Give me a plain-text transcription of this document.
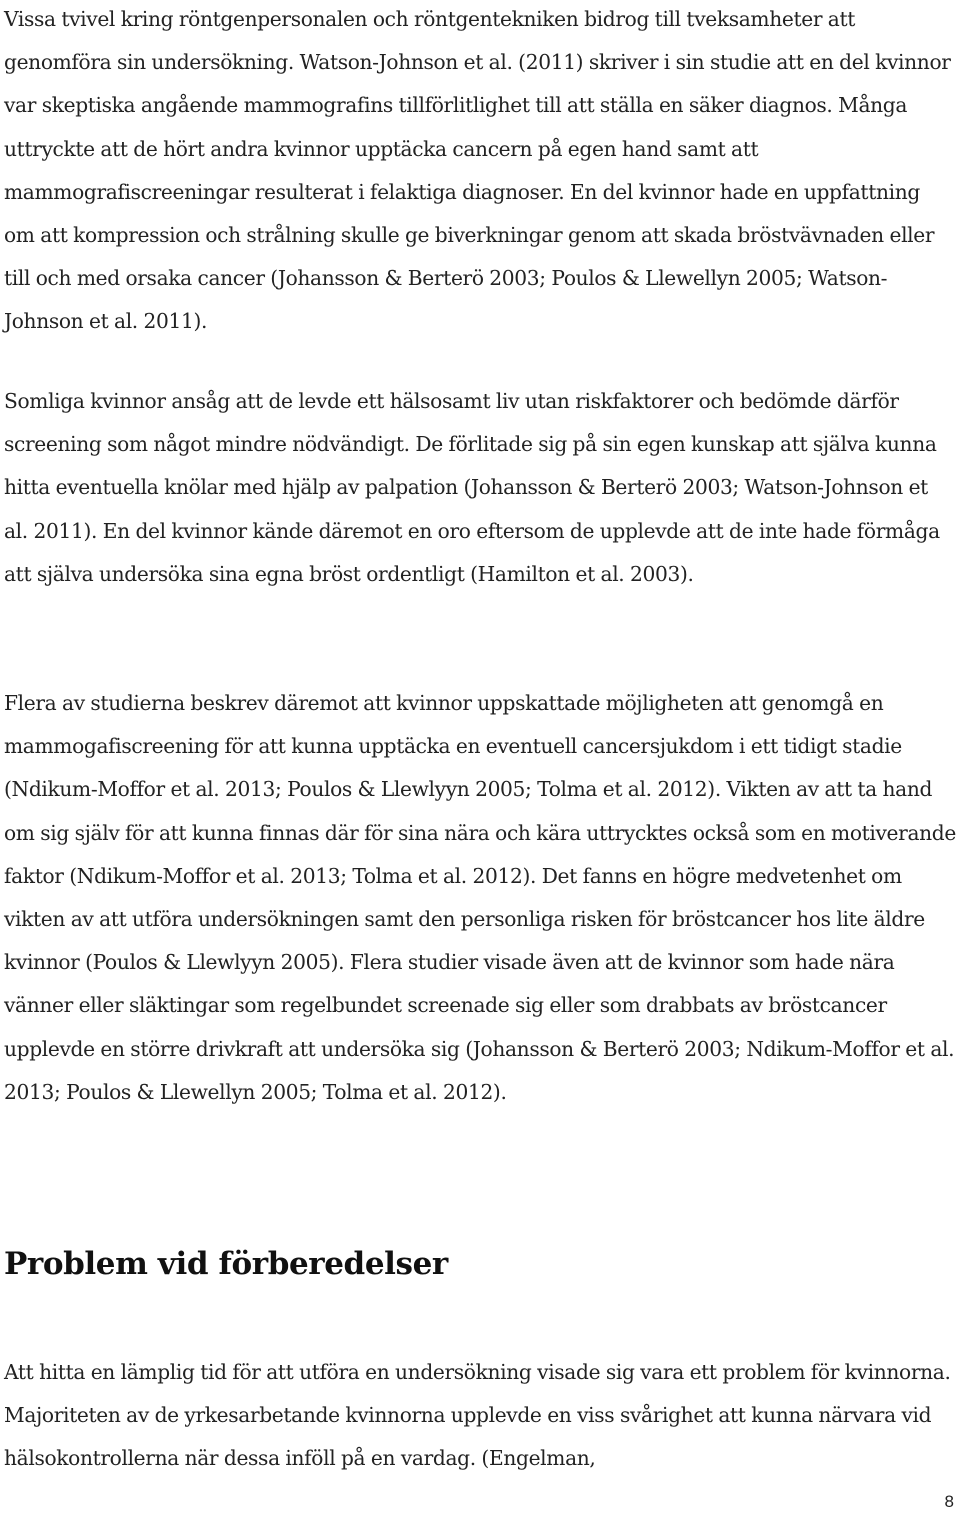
Vissa tvivel kring röntgenpersonalen och röntgentekniken bidrog till tveksamheter att genomföra sin undersökning. Watson-Johnson et al. (2011) skriver i sin studie att en del kvinnor var skeptiska angående mammografins tillförlitlighet till att ställa en säker diagnos. Många uttryckte att de hört andra kvinnor upptäcka cancern på egen hand samt att mammografiscreeningar resulterat i felaktiga diagnoser. En del kvinnor hade en uppfattning om att kompression och strålning skulle ge biverkningar genom att skada bröstvävnaden eller till och med orsaka cancer (Johansson & Berterö 2003; Poulos & Llewellyn 2005; Watson-Johnson et al. 2011).

Somliga kvinnor ansåg att de levde ett hälsosamt liv utan riskfaktorer och bedömde därför screening som något mindre nödvändigt. De förlitade sig på sin egen kunskap att själva kunna hitta eventuella knölar med hjälp av palpation (Johansson & Berterö 2003; Watson-Johnson et al. 2011). En del kvinnor kände däremot en oro eftersom de upplevde att de inte hade förmåga att själva undersöka sina egna bröst ordentligt (Hamilton et al. 2003).

Flera av studierna beskrev däremot att kvinnor uppskattade möjligheten att genomgå en mammogafiscreening för att kunna upptäcka en eventuell cancersjukdom i ett tidigt stadie (Ndikum-Moffor et al. 2013; Poulos & Llewlyyn 2005; Tolma et al. 2012). Vikten av att ta hand om sig själv för att kunna finnas där för sina nära och kära uttrycktes också som en motiverande faktor (Ndikum-Moffor et al. 2013; Tolma et al. 2012). Det fanns en högre medvetenhet om vikten av att utföra undersökningen samt den personliga risken för bröstcancer hos lite äldre kvinnor (Poulos & Llewlyyn 2005). Flera studier visade även att de kvinnor som hade nära vänner eller släktingar som regelbundet screenade sig eller som drabbats av bröstcancer upplevde en större drivkraft att undersöka sig (Johansson & Berterö 2003; Ndikum-Moffor et al. 2013; Poulos & Llewellyn 2005; Tolma et al. 2012).

Problem vid förberedelser

Att hitta en lämplig tid för att utföra en undersökning visade sig vara ett problem för kvinnorna. Majoriteten av de yrkesarbetande kvinnorna upplevde en viss svårighet att kunna närvara vid hälsokontrollerna när dessa inföll på en vardag. (Engelman,

8
